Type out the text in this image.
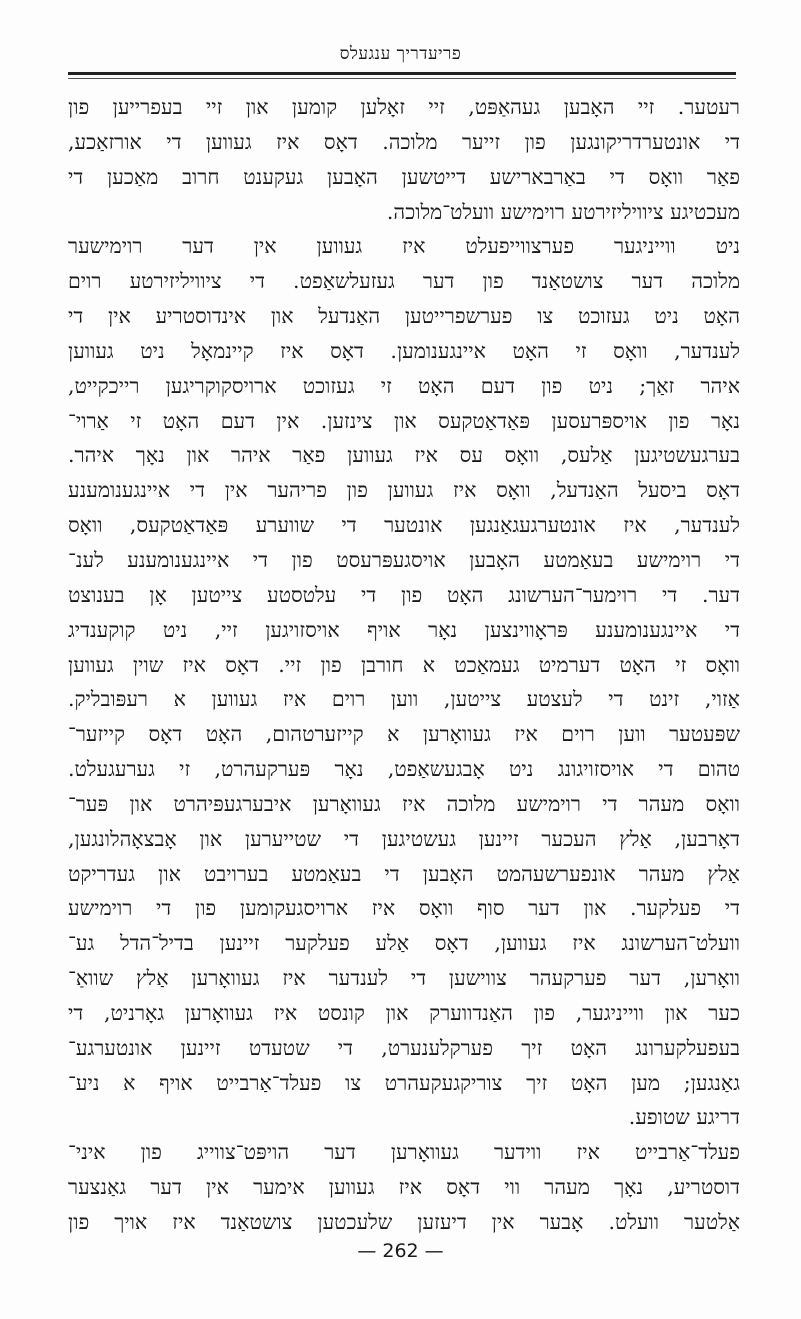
פריעדריך ענגעלס
רעטער. זיי האָבען געהאַפּט, זיי זאָלען קומען און זיי בעפרייען פון
די אונטערדריקונגען פון זייער מלוכה. דאָס איז געווען די אורזאַכע,
פאַר וואָס די באַרבארישע דייטשען האָבען געקענט חרוב מאַכען די
מעכטיגע ציוויליזירטע רוימישע וועלט־מלוכה.
ניט ווייניגער פערצווייפעלט איז געווען אין דער רוימישער
מלוכה דער צושטאַנד פון דער געזעלשאַפט. די ציוויליזירטע רוים
האָט ניט געזוכט צו פערשפרייטען האַנדעל און אינדוסטריע אין די
לענדער, וואָס זי האָט איינגענומען. דאָס איז קיינמאָל ניט געווען
איהר זאַך; ניט פון דעם האָט זי געזוכט ארויסקוקריגען רייכקייט,
נאָר פון אויספּרעסען פּאַדאַטקעס און צינזען. אין דעם האָט זי אַרוי־
בערגעשטיגען אַלעס, וואָס עס איז געווען פאַר איהר און נאָך איהר.
דאָס ביסעל האַנדעל, וואָס איז געווען פון פריהער אין די איינגענומענע
לענדער, איז אונטערגעגאַנגען אונטער די שווערע פּאַדאַטקעס, וואָס
די רוימישע בעאַמטע האָבען אויסגעפּרעסט פון די איינגענומענע לענ־
דער. די רוימער־הערשונג האָט פון די עלטסטע צייטען אָן בענוצט
די איינגענומענע פּראָווינצען נאָר אויף אויסזויגען זיי, ניט קוקענדיג
וואָס זי האָט דערמיט געמאַכט א חורבן פון זיי. דאָס איז שוין געווען
אַזוי, זינט די לעצטע צייטען, ווען רוים איז געווען א רעפּובליק.
שפּעטער ווען רוים איז געוואָרען א קייזערטהום, האָט דאָס קייזער־
טהום די אויסזויגונג ניט אָבגעשאַפט, נאָר פּערקעהרט, זי גערעגעלט.
וואָס מעהר די רוימישע מלוכה איז געוואָרען איבערגעפּיהרט און פּער־
דאָרבען, אַלץ העכער זיינען געשטיגען די שטייערען און אָבצאָהלונגען,
אַלץ מעהר אונפערשעהמט האָבען די בעאַמטע בערויבט און געדריקט
די פעלקער. און דער סוף וואָס איז ארויסגעקומען פון די רוימישע
וועלט־הערשונג איז געווען, דאָס אַלע פעלקער זיינען בדיל־הדל גע־
וואָרען, דער פערקעהר צווישען די לענדער איז געוואָרען אַלץ שוואַ־
כער און ווייניגער, פון האַנדווערק און קונסט איז געוואָרען גאָרניט, די
בעפעלקערונג האָט זיך פערקלענערט, די שטעדט זיינען אונטערגע־
גאַנגען; מען האָט זיך צוריקגעקעהרט צו פעלד־אַרבייט אויף א ניע־
דריגע שטופע.
פעלד־אַרבייט איז ווידער געוואָרען דער הויפּט־צווייג פון איני־
דוסטריע, נאָך מעהר ווי דאָס איז געווען אימער אין דער גאַנצער
אַלטער וועלט. אָבער אין דיעזען שלעכטען צושטאַנד איז אויך פון
— 262 —
